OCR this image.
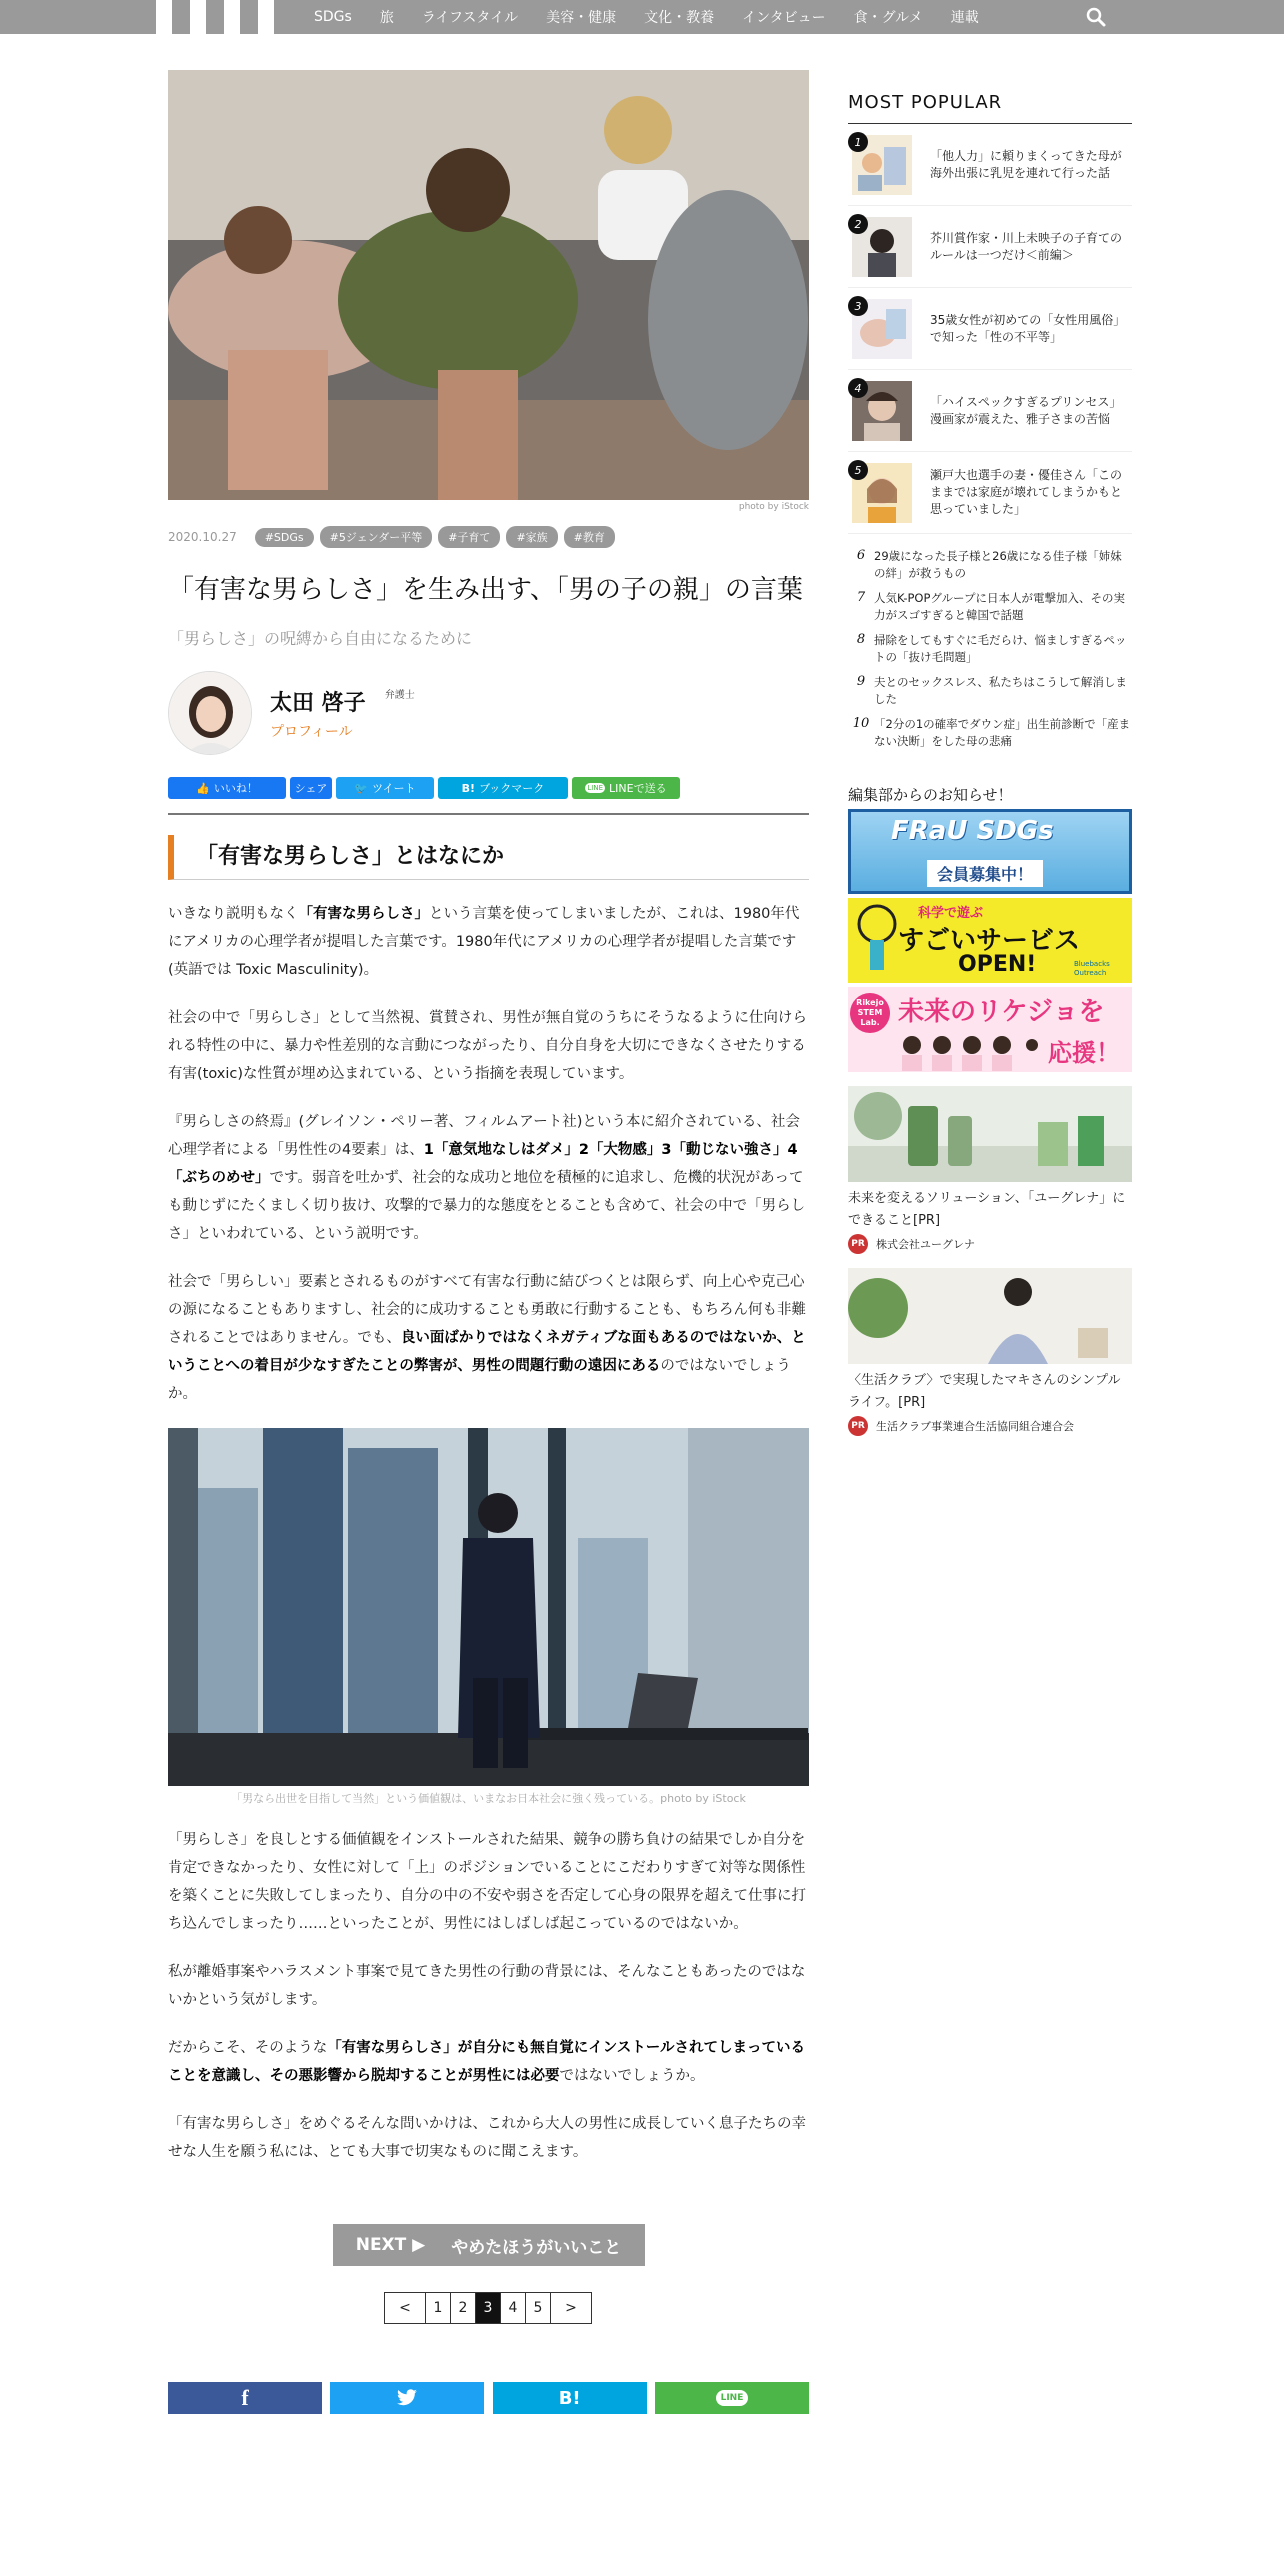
SDGs 旅 ライフスタイル 美容・健康 文化・教養 インタビュー 食・グルメ 連載
photo by iStock
2020.10.27	#SDGs	#5ジェンダー平等	#子育て	#家族	#教育
「有害な男らしさ」を生み出す、「男の子の親」の言葉
「男らしさ」の呪縛から自由になるために
太田 啓子 $^{弁護士}$
プロフィール
👍 いいね！	シェア	🐦 ツイート	B! ブックマーク	LINE LINEで送る
「有害な男らしさ」とはなにか

いきなり説明もなく「有害な男らしさ」という言葉を使ってしまいましたが、これは、1980年代にアメリカの心理学者が提唱した言葉です。1980年代にアメリカの心理学者が提唱した言葉です(英語では Toxic Masculinity)。

社会の中で「男らしさ」として当然視、賞賛され、男性が無自覚のうちにそうなるように仕向けられる特性の中に、暴力や性差別的な言動につながったり、自分自身を大切にできなくさせたりする有害(toxic)な性質が埋め込まれている、という指摘を表現しています。

『男らしさの終焉』(グレイソン・ペリー著、フィルムアート社)という本に紹介されている、社会心理学者による「男性性の4要素」は、1「意気地なしはダメ」2「大物感」3「動じない強さ」4「ぶちのめせ」です。弱音を吐かず、社会的な成功と地位を積極的に追求し、危機的状況があっても動じずにたくましく切り抜け、攻撃的で暴力的な態度をとることも含めて、社会の中で「男らしさ」といわれている、という説明です。

社会で「男らしい」要素とされるものがすべて有害な行動に結びつくとは限らず、向上心や克己心の源になることもありますし、社会的に成功することも勇敢に行動することも、もちろん何も非難されることではありません。でも、良い面ばかりではなくネガティブな面もあるのではないか、ということへの着目が少なすぎたことの弊害が、男性の問題行動の遠因にあるのではないでしょうか。

「男なら出世を目指して当然」という価値観は、いまなお日本社会に強く残っている。photo by iStock

「男らしさ」を良しとする価値観をインストールされた結果、競争の勝ち負けの結果でしか自分を肯定できなかったり、女性に対して「上」のポジションでいることにこだわりすぎて対等な関係性を築くことに失敗してしまったり、自分の中の不安や弱さを否定して心身の限界を超えて仕事に打ち込んでしまったり……といったことが、男性にはしばしば起こっているのではないか。

私が離婚事案やハラスメント事案で見てきた男性の行動の背景には、そんなこともあったのではないかという気がします。

だからこそ、そのような「有害な男らしさ」が自分にも無自覚にインストールされてしまっていることを意識し、その悪影響から脱却することが男性には必要ではないでしょうか。

「有害な男らしさ」をめぐるそんな問いかけは、これから大人の男性に成長していく息子たちの幸せな人生を願う私には、とても大事で切実なものに聞こえます。

NEXT ▶ やめたほうがいいこと
<	1	2	3	4	5	>
f	B!	LINE
MOST POPULAR
1
「他人力」に頼りまくってきた母が海外出張に乳児を連れて行った話
2
芥川賞作家・川上未映子の子育てのルールは一つだけ＜前編＞
3
35歳女性が初めての「女性用風俗」で知った「性の不平等」
4
「ハイスペックすぎるプリンセス」漫画家が震えた、雅子さまの苦悩
5	瀬戸大也選手の妻・優佳さん「このままでは家庭が壊れてしまうかもと思っていました」
6 29歳になった長子様と26歳になる佳子様「姉妹の絆」が救うもの
7 人気K-POPグループに日本人が電撃加入、その実力がスゴすぎると韓国で話題
8 掃除をしてもすぐに毛だらけ、悩ましすぎるペットの「抜け毛問題」
9 夫とのセックスレス、私たちはこうして解消しました
10 「2分の1の確率でダウン症」出生前診断で「産まない決断」をした母の悲痛
編集部からのお知らせ！
FRaU SDGs
会員募集中！
科学で遊ぶ
すごいサービス
OPEN!	Bluebacks Outreach
Rikejo STEM Lab. 未来のリケジョを
応援！
未来を変えるソリューション、「ユーグレナ」にできること[PR]
PR 株式会社ユーグレナ
〈生活クラブ〉で実現したマキさんのシンプルライフ。[PR]
PR 生活クラブ事業連合生活協同組合連合会
